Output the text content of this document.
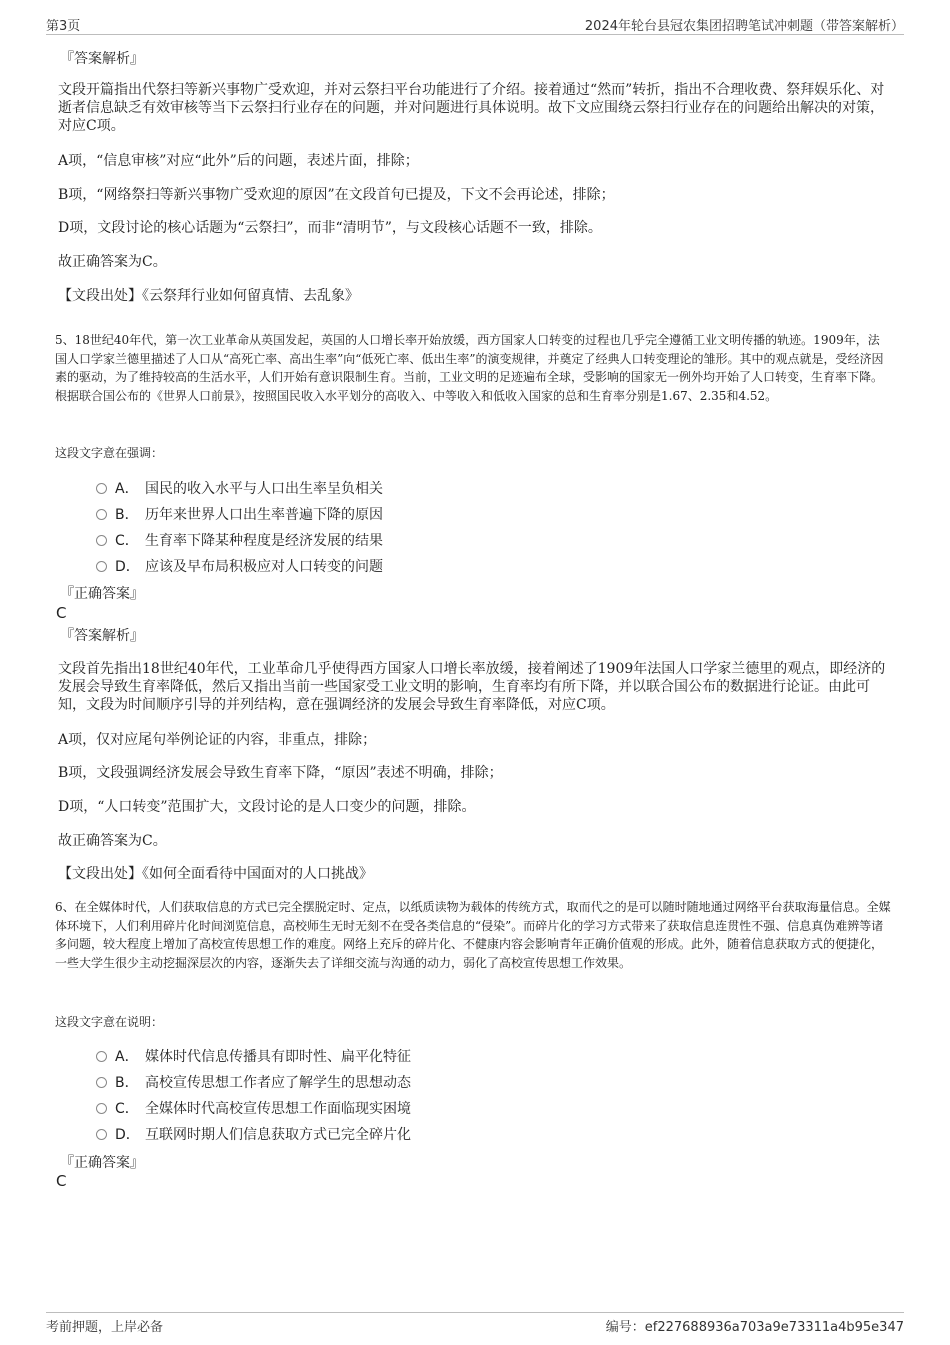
第3页	2024年轮台县冠农集团招聘笔试冲刺题（带答案解析）
『答案解析』
文段开篇指出代祭扫等新兴事物广受欢迎，并对云祭扫平台功能进行了介绍。接着通过“然而”转折，指出不合理收费、祭拜娱乐化、对逝者信息缺乏有效审核等当下云祭扫行业存在的问题，并对问题进行具体说明。故下文应围绕云祭扫行业存在的问题给出解决的对策，对应C项。
A项，“信息审核”对应“此外”后的问题，表述片面，排除；
B项，“网络祭扫等新兴事物广受欢迎的原因”在文段首句已提及，下文不会再论述，排除；
D项，文段讨论的核心话题为“云祭扫”，而非“清明节”，与文段核心话题不一致，排除。
故正确答案为C。
【文段出处】《云祭拜行业如何留真情、去乱象》
5、18世纪40年代，第一次工业革命从英国发起，英国的人口增长率开始放缓，西方国家人口转变的过程也几乎完全遵循工业文明传播的轨迹。1909年，法国人口学家兰德里描述了人口从“高死亡率、高出生率”向“低死亡率、低出生率”的演变规律，并奠定了经典人口转变理论的雏形。其中的观点就是，受经济因素的驱动，为了维持较高的生活水平，人们开始有意识限制生育。当前，工业文明的足迹遍布全球，受影响的国家无一例外均开始了人口转变，生育率下降。根据联合国公布的《世界人口前景》，按照国民收入水平划分的高收入、中等收入和低收入国家的总和生育率分别是1.67、2.35和4.52。
这段文字意在强调：
A． 国民的收入水平与人口出生率呈负相关
B． 历年来世界人口出生率普遍下降的原因
C． 生育率下降某种程度是经济发展的结果
D． 应该及早布局积极应对人口转变的问题
『正确答案』
C
『答案解析』
文段首先指出18世纪40年代，工业革命几乎使得西方国家人口增长率放缓，接着阐述了1909年法国人口学家兰德里的观点，即经济的发展会导致生育率降低，然后又指出当前一些国家受工业文明的影响，生育率均有所下降，并以联合国公布的数据进行论证。由此可知，文段为时间顺序引导的并列结构，意在强调经济的发展会导致生育率降低，对应C项。
A项，仅对应尾句举例论证的内容，非重点，排除；
B项，文段强调经济发展会导致生育率下降，“原因”表述不明确，排除；
D项，“人口转变”范围扩大，文段讨论的是人口变少的问题，排除。
故正确答案为C。
【文段出处】《如何全面看待中国面对的人口挑战》
6、在全媒体时代，人们获取信息的方式已完全摆脱定时、定点，以纸质读物为载体的传统方式，取而代之的是可以随时随地通过网络平台获取海量信息。全媒体环境下，人们利用碎片化时间浏览信息，高校师生无时无刻不在受各类信息的“侵染”。而碎片化的学习方式带来了获取信息连贯性不强、信息真伪难辨等诸多问题，较大程度上增加了高校宣传思想工作的难度。网络上充斥的碎片化、不健康内容会影响青年正确价值观的形成。此外，随着信息获取方式的便捷化，一些大学生很少主动挖掘深层次的内容，逐渐失去了详细交流与沟通的动力，弱化了高校宣传思想工作效果。
这段文字意在说明：
A． 媒体时代信息传播具有即时性、扁平化特征
B． 高校宣传思想工作者应了解学生的思想动态
C． 全媒体时代高校宣传思想工作面临现实困境
D． 互联网时期人们信息获取方式已完全碎片化
『正确答案』
C
考前押题，上岸必备	编号：ef227688936a703a9e73311a4b95e347
